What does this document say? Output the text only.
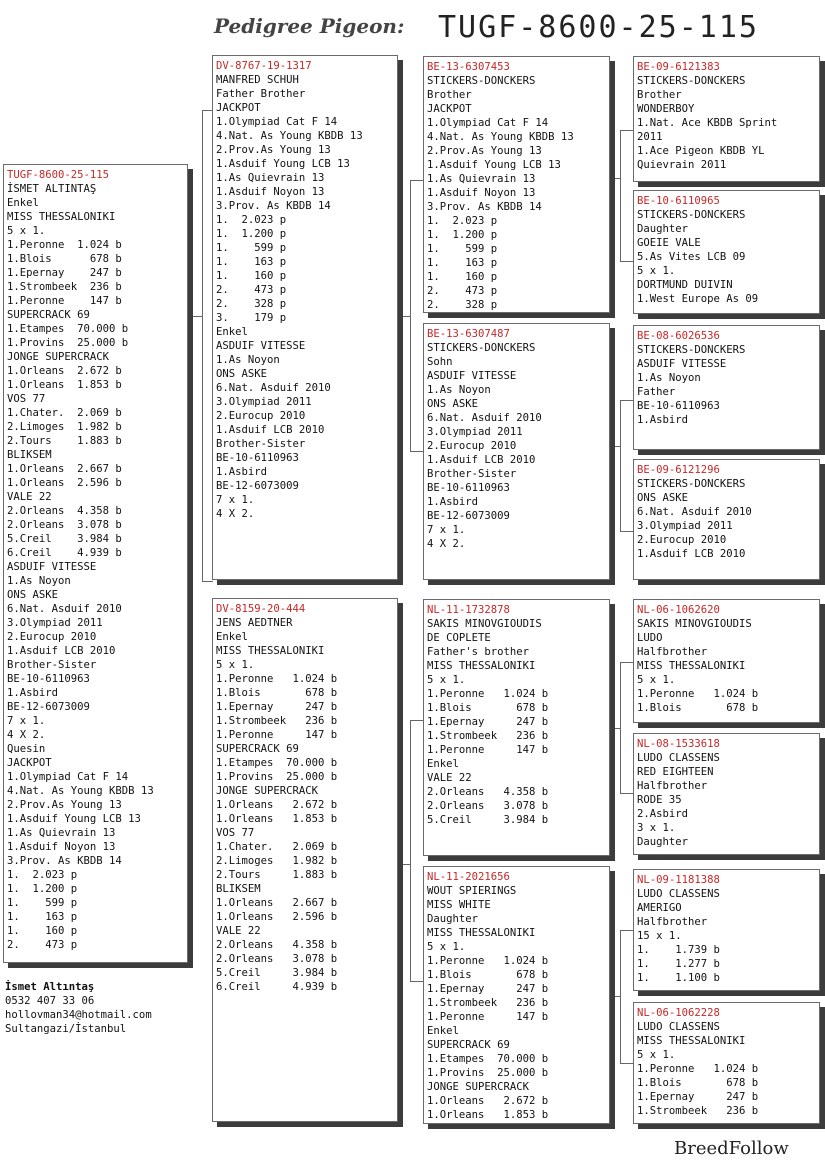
Pedigree Pigeon: TUGF-8600-25-115
TUGF-8600-25-115
İSMET ALTINTAŞ
Enkel
MISS THESSALONIKI
5 x 1.
1.Peronne  1.024 b
1.Blois      678 b
1.Epernay    247 b
1.Strombeek  236 b
1.Peronne    147 b
SUPERCRACK 69
1.Etampes  70.000 b
1.Provins  25.000 b
JONGE SUPERCRACK
1.Orleans  2.672 b
1.Orleans  1.853 b
VOS 77
1.Chater.  2.069 b
2.Limoges  1.982 b
2.Tours    1.883 b
BLIKSEM
1.Orleans  2.667 b
1.Orleans  2.596 b
VALE 22
2.Orleans  4.358 b
2.Orleans  3.078 b
5.Creil    3.984 b
6.Creil    4.939 b
ASDUIF VITESSE
1.As Noyon
ONS ASKE
6.Nat. Asduif 2010
3.Olympiad 2011
2.Eurocup 2010
1.Asduif LCB 2010
Brother-Sister
BE-10-6110963
1.Asbird
BE-12-6073009
7 x 1.
4 X 2.
Quesin
JACKPOT
1.Olympiad Cat F 14
4.Nat. As Young KBDB 13
2.Prov.As Young 13
1.Asduif Young LCB 13
1.As Quievrain 13
1.Asduif Noyon 13
3.Prov. As KBDB 14
1.  2.023 p
1.  1.200 p
1.    599 p
1.    163 p
1.    160 p
2.    473 p
DV-8767-19-1317
MANFRED SCHUH
Father Brother
JACKPOT
1.Olympiad Cat F 14
4.Nat. As Young KBDB 13
2.Prov.As Young 13
1.Asduif Young LCB 13
1.As Quievrain 13
1.Asduif Noyon 13
3.Prov. As KBDB 14
1.  2.023 p
1.  1.200 p
1.    599 p
1.    163 p
1.    160 p
2.    473 p
2.    328 p
3.    179 p
Enkel
ASDUIF VITESSE
1.As Noyon
ONS ASKE
6.Nat. Asduif 2010
3.Olympiad 2011
2.Eurocup 2010
1.Asduif LCB 2010
Brother-Sister
BE-10-6110963
1.Asbird
BE-12-6073009
7 x 1.
4 X 2.
DV-8159-20-444
JENS AEDTNER
Enkel
MISS THESSALONIKI
5 x 1.
1.Peronne   1.024 b
1.Blois       678 b
1.Epernay     247 b
1.Strombeek   236 b
1.Peronne     147 b
SUPERCRACK 69
1.Etampes  70.000 b
1.Provins  25.000 b
JONGE SUPERCRACK
1.Orleans   2.672 b
1.Orleans   1.853 b
VOS 77
1.Chater.   2.069 b
2.Limoges   1.982 b
2.Tours     1.883 b
BLIKSEM
1.Orleans   2.667 b
1.Orleans   2.596 b
VALE 22
2.Orleans   4.358 b
2.Orleans   3.078 b
5.Creil     3.984 b
6.Creil     4.939 b
BE-13-6307453
STICKERS-DONCKERS
Brother
JACKPOT
1.Olympiad Cat F 14
4.Nat. As Young KBDB 13
2.Prov.As Young 13
1.Asduif Young LCB 13
1.As Quievrain 13
1.Asduif Noyon 13
3.Prov. As KBDB 14
1.  2.023 p
1.  1.200 p
1.    599 p
1.    163 p
1.    160 p
2.    473 p
2.    328 p
BE-13-6307487
STICKERS-DONCKERS
Sohn
ASDUIF VITESSE
1.As Noyon
ONS ASKE
6.Nat. Asduif 2010
3.Olympiad 2011
2.Eurocup 2010
1.Asduif LCB 2010
Brother-Sister
BE-10-6110963
1.Asbird
BE-12-6073009
7 x 1.
4 X 2.
NL-11-1732878
SAKIS MINOVGIOUDIS
DE COPLETE
Father's brother
MISS THESSALONIKI
5 x 1.
1.Peronne   1.024 b
1.Blois       678 b
1.Epernay     247 b
1.Strombeek   236 b
1.Peronne     147 b
Enkel
VALE 22
2.Orleans   4.358 b
2.Orleans   3.078 b
5.Creil     3.984 b
NL-11-2021656
WOUT SPIERINGS
MISS WHITE
Daughter
MISS THESSALONIKI
5 x 1.
1.Peronne   1.024 b
1.Blois       678 b
1.Epernay     247 b
1.Strombeek   236 b
1.Peronne     147 b
Enkel
SUPERCRACK 69
1.Etampes  70.000 b
1.Provins  25.000 b
JONGE SUPERCRACK
1.Orleans   2.672 b
1.Orleans   1.853 b
BE-09-6121383
STICKERS-DONCKERS
Brother
WONDERBOY
1.Nat. Ace KBDB Sprint
2011
1.Ace Pigeon KBDB YL
Quievrain 2011
BE-10-6110965
STICKERS-DONCKERS
Daughter
GOEIE VALE
5.As Vites LCB 09
5 x 1.
DORTMUND DUIVIN
1.West Europe As 09
BE-08-6026536
STICKERS-DONCKERS
ASDUIF VITESSE
1.As Noyon
Father
BE-10-6110963
1.Asbird
BE-09-6121296
STICKERS-DONCKERS
ONS ASKE
6.Nat. Asduif 2010
3.Olympiad 2011
2.Eurocup 2010
1.Asduif LCB 2010
NL-06-1062620
SAKIS MINOVGIOUDIS
LUDO
Halfbrother
MISS THESSALONIKI
5 x 1.
1.Peronne   1.024 b
1.Blois       678 b
NL-08-1533618
LUDO CLASSENS
RED EIGHTEEN
Halfbrother
RODE 35
2.Asbird
3 x 1.
Daughter
NL-09-1181388
LUDO CLASSENS
AMERIGO
Halfbrother
15 x 1.
1.    1.739 b
1.    1.277 b
1.    1.100 b
NL-06-1062228
LUDO CLASSENS
MISS THESSALONIKI
5 x 1.
1.Peronne   1.024 b
1.Blois       678 b
1.Epernay     247 b
1.Strombeek   236 b
İsmet Altıntaş
0532 407 33 06
hollovman34@hotmail.com
Sultangazi/İstanbul
BreedFollow
